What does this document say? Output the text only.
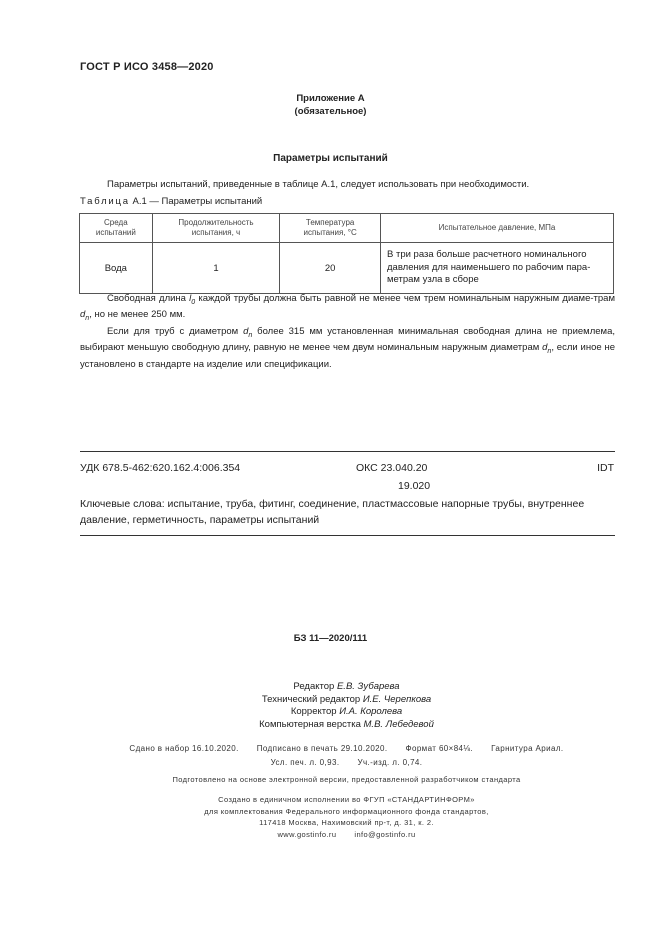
ГОСТ Р ИСО 3458—2020
Приложение А
(обязательное)
Параметры испытаний
Параметры испытаний, приведенные в таблице А.1, следует использовать при необходимости.
Таблица А.1 — Параметры испытаний
Среда испытаний	Продолжительность испытания, ч	Температура испытания, °С	Испытательное давление, МПа

Вода	1	20	В три раза больше расчетного номинального давления для наименьшего по рабочим пара-метрам узла в сборе

Свободная длина $l_0$ каждой трубы должна быть равной не менее чем трем номинальным наружным диаме-трам $d_n$, но не менее 250 мм.

Если для труб с диаметром $d_n$ более 315 мм установленная минимальная свободная длина не приемлема, выбирают меньшую свободную длину, равную не менее чем двум номинальным наружным диаметрам $d_n$, если иное не установлено в стандарте на изделие или спецификации.

УДК 678.5-462:620.162.4:006.354	ОКС 23.040.20
19.020
IDT
Ключевые слова: испытание, труба, фитинг, соединение, пластмассовые напорные трубы, внутреннее давление, герметичность, параметры испытаний
БЗ 11—2020/111
Редактор Е.В. Зубарева
Технический редактор И.Е. Черепкова
Корректор И.А. Королева
Компьютерная верстка М.В. Лебедевой
Сдано в набор 16.10.2020. Подписано в печать 29.10.2020. Формат 60×84⅛. Гарнитура Ариал.
Усл. печ. л. 0,93. Уч.-изд. л. 0,74.
Подготовлено на основе электронной версии, предоставленной разработчиком стандарта
Создано в единичном исполнении во ФГУП «СТАНДАРТИНФОРМ»
для комплектования Федерального информационного фонда стандартов,
117418 Москва, Нахимовский пр-т, д. 31, к. 2.
www.gostinfo.ru info@gostinfo.ru
